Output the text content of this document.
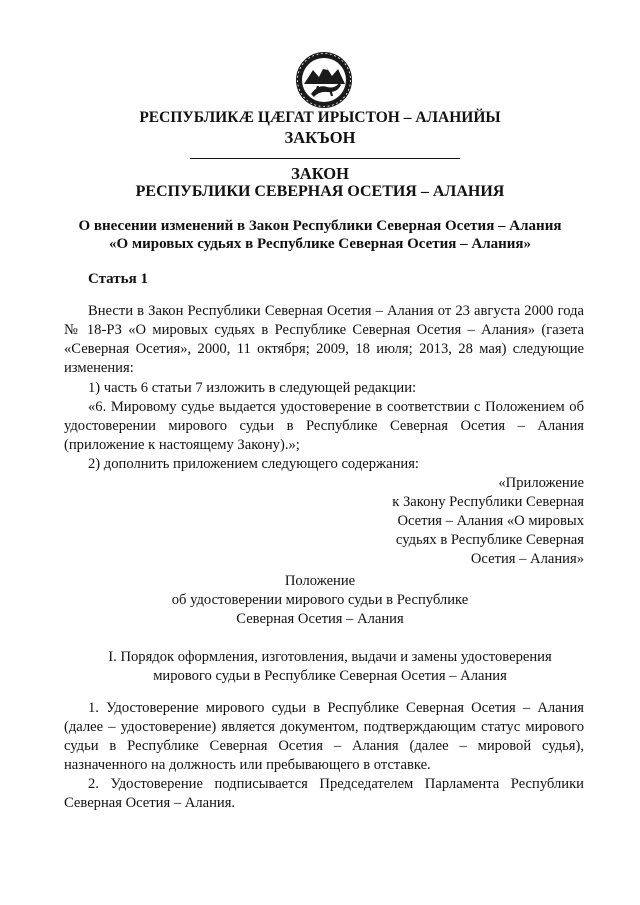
РЕСПУБЛИКӔ ЦӔГАТ ИРЫСТОН – АЛАНИЙЫ
ЗАКЪОН
ЗАКОН
РЕСПУБЛИКИ СЕВЕРНАЯ ОСЕТИЯ – АЛАНИЯ
О внесении изменений в Закон Республики Северная Осетия – Алания
«О мировых судьях в Республике Северная Осетия – Алания»
Статья 1
Внести в Закон Республики Северная Осетия – Алания от 23 августа 2000 года № 18-РЗ «О мировых судьях в Республике Северная Осетия – Алания» (газета «Северная Осетия», 2000, 11 октября; 2009, 18 июля; 2013, 28 мая) следующие изменения:
1) часть 6 статьи 7 изложить в следующей редакции:
«6. Мировому судье выдается удостоверение в соответствии с Положением об удостоверении мирового судьи в Республике Северная Осетия – Алания (приложение к настоящему Закону).»;
2) дополнить приложением следующего содержания:
«Приложение
к Закону Республики Северная
Осетия – Алания «О мировых
судьях в Республике Северная
Осетия – Алания»
Положение
об удостоверении мирового судьи в Республике
Северная Осетия – Алания
I. Порядок оформления, изготовления, выдачи и замены удостоверения
мирового судьи в Республике Северная Осетия – Алания
1. Удостоверение мирового судьи в Республике Северная Осетия – Алания (далее – удостоверение) является документом, подтверждающим статус мирового судьи в Республике Северная Осетия – Алания (далее – мировой судья), назначенного на должность или пребывающего в отставке.
2. Удостоверение подписывается Председателем Парламента Республики Северная Осетия – Алания.
